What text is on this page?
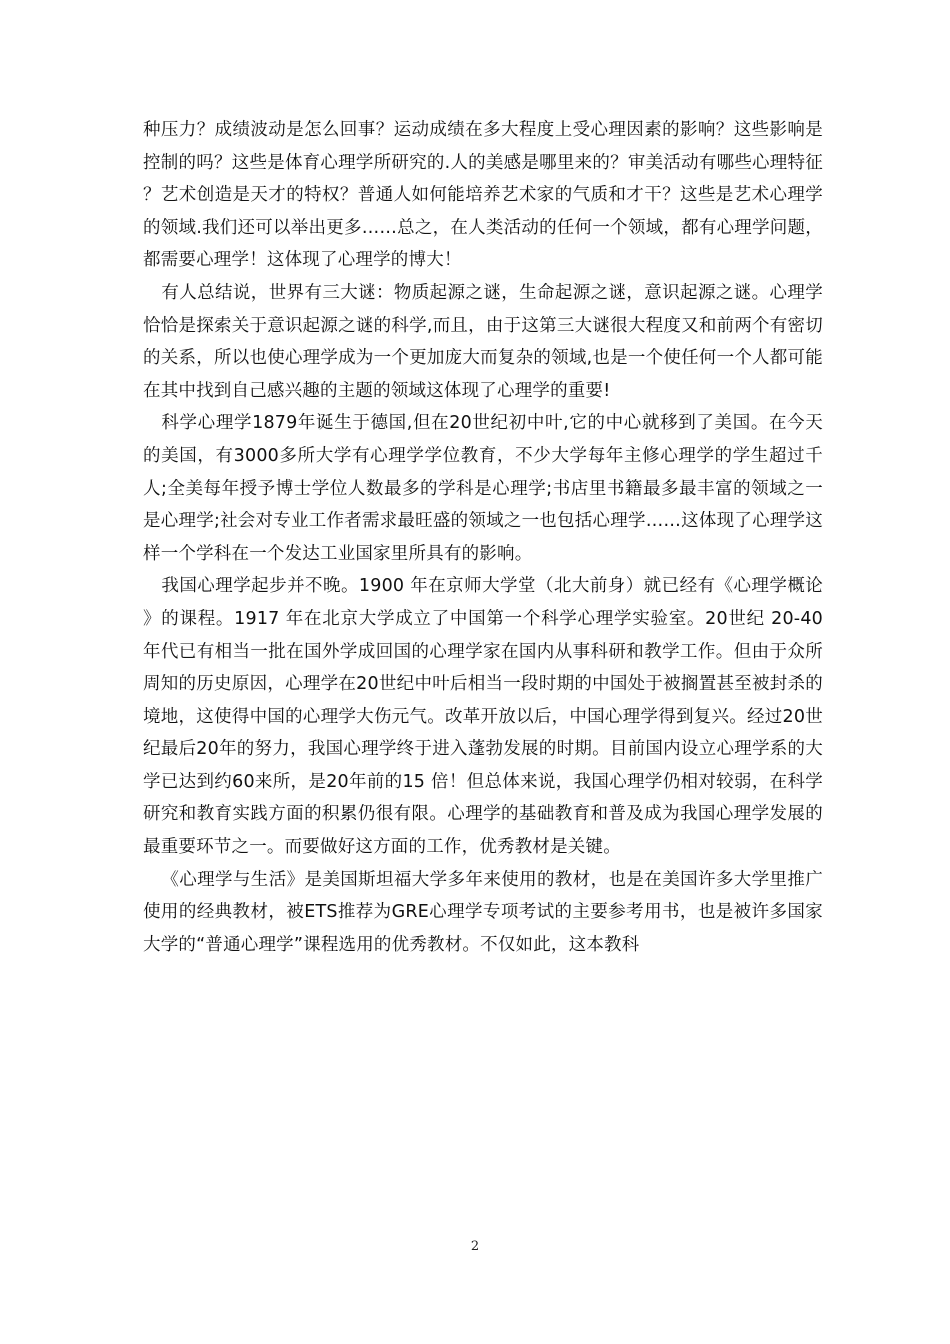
种压力？成绩波动是怎么回事？运动成绩在多大程度上受心理因素的影响？这些影响是控制的吗？这些是体育心理学所研究的.人的美感是哪里来的？审美活动有哪些心理特征？艺术创造是天才的特权？普通人如何能培养艺术家的气质和才干？这些是艺术心理学的领域.我们还可以举出更多……总之，在人类活动的任何一个领域，都有心理学问题，都需要心理学！这体现了心理学的博大！

有人总结说，世界有三大谜：物质起源之谜，生命起源之谜，意识起源之谜。心理学恰恰是探索关于意识起源之谜的科学,而且，由于这第三大谜很大程度又和前两个有密切的关系，所以也使心理学成为一个更加庞大而复杂的领域,也是一个使任何一个人都可能在其中找到自己感兴趣的主题的领域这体现了心理学的重要!

科学心理学1879年诞生于德国,但在20世纪初中叶,它的中心就移到了美国。在今天的美国，有3000多所大学有心理学学位教育，不少大学每年主修心理学的学生超过千人;全美每年授予博士学位人数最多的学科是心理学;书店里书籍最多最丰富的领域之一是心理学;社会对专业工作者需求最旺盛的领域之一也包括心理学……这体现了心理学这样一个学科在一个发达工业国家里所具有的影响。

我国心理学起步并不晚。1900 年在京师大学堂（北大前身）就已经有《心理学概论》的课程。1917 年在北京大学成立了中国第一个科学心理学实验室。20世纪 20-40 年代已有相当一批在国外学成回国的心理学家在国内从事科研和教学工作。但由于众所周知的历史原因，心理学在20世纪中叶后相当一段时期的中国处于被搁置甚至被封杀的境地，这使得中国的心理学大伤元气。改革开放以后，中国心理学得到复兴。经过20世纪最后20年的努力，我国心理学终于进入蓬勃发展的时期。目前国内设立心理学系的大学已达到约60来所，是20年前的15 倍！但总体来说，我国心理学仍相对较弱，在科学研究和教育实践方面的积累仍很有限。心理学的基础教育和普及成为我国心理学发展的最重要环节之一。而要做好这方面的工作，优秀教材是关键。

《心理学与生活》是美国斯坦福大学多年来使用的教材，也是在美国许多大学里推广使用的经典教材，被ETS推荐为GRE心理学专项考试的主要参考用书，也是被许多国家大学的“普通心理学”课程选用的优秀教材。不仅如此，这本教科

2
